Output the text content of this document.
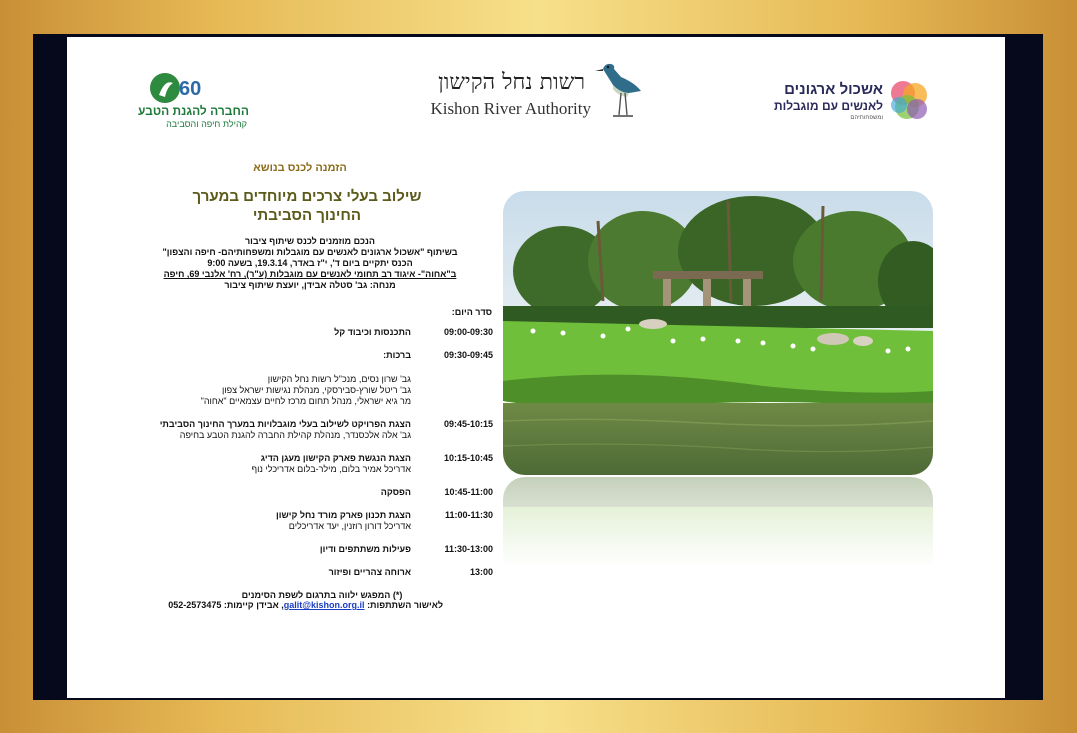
רשות נחל הקישון
Kishon River Authority
60
החברה להגנת הטבע
קהילת חיפה והסביבה
אשכול ארגונים
לאנשים עם מוגבלות
ומשפחותיהם
הזמנה לכנס בנושא
שילוב בעלי צרכים מיוחדים במערך
החינוך הסביבתי
הנכם מוזמנים לכנס שיתוף ציבור
בשיתוף "אשכול ארגונים לאנשים עם מוגבלות ומשפחותיהם- חיפה והצפון"
הכנס יתקיים ביום ד', י"ז באדר, 19.3.14, בשעה 9:00
ב"אחוה"- איגוד רב תחומי לאנשים עם מוגבלות (ע"ר), רח' אלנבי 69, חיפה
מנחה: גב' סטלה אבידן, יועצת שיתוף ציבור
סדר היום:
09:00-09:30
התכנסות וכיבוד קל
09:30-09:45
ברכות:
גב' שרון נסים, מנכ"ל רשות נחל הקישון
גב' ריטל שורץ-סבירסקי, מנהלת נגישות ישראל צפון
מר גיא ישראלי, מנהל תחום מרכז לחיים עצמאיים "אחוה"
09:45-10:15
הצגת הפרויקט לשילוב בעלי מוגבלויות במערך החינוך הסביבתי
גב' אלה אלכסנדר, מנהלת קהילת החברה להגנת הטבע בחיפה
10:15-10:45
הצגת הנגשת פארק הקישון מעגן הדיג
אדריכל אמיר בלום, מילר-בלום אדריכלי נוף
10:45-11:00
הפסקה
11:00-11:30
הצגת תכנון פארק מורד נחל קישון
אדריכל דורון רוזנין, יעד אדריכלים
11:30-13:00
פעילות משתתפים ודיון
13:00
ארוחה צהריים ופיזור
(*) המפגש ילווה בתרגום לשפת הסימנים
לאישור השתתפות: galit@kishon.org.il, אבידן קיימות: 052-2573475
